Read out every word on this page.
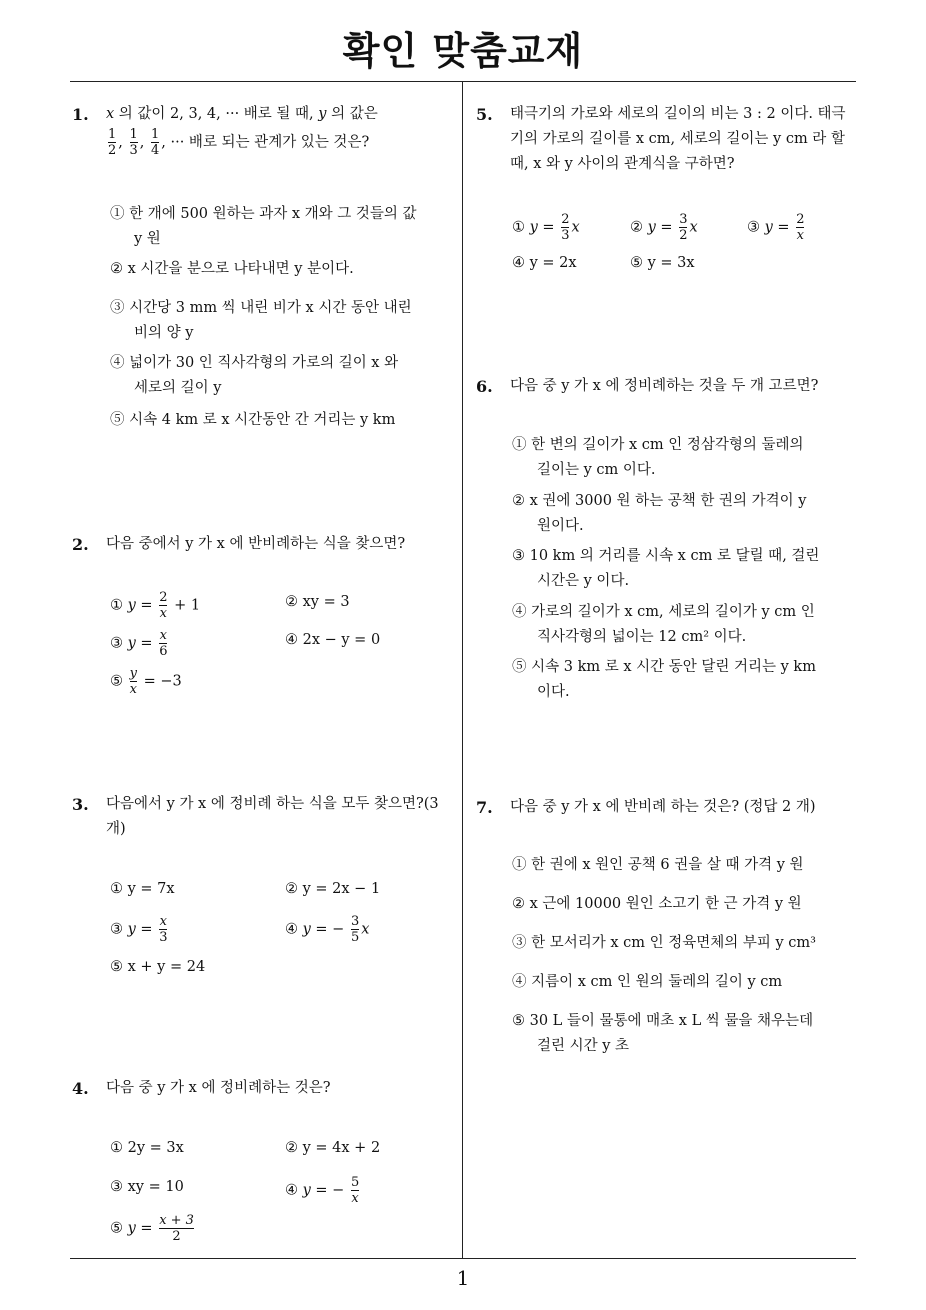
확인 맞춤교재
1
1. x 의 값이 2, 3, 4, ··· 배로 될 때, y 의 값은
$\frac{1}{2}$ , $\frac{1}{3}$ , $\frac{1}{4}$ , ··· 배로 되는 관계가 있는 것은?
① 한 개에 500 원하는 과자 x 개와 그 것들의 값
y 원
② x 시간을 분으로 나타내면 y 분이다.
③ 시간당 3 mm 씩 내린 비가 x 시간 동안 내린
비의 양 y
④ 넓이가 30 인 직사각형의 가로의 길이 x 와
세로의 길이 y
⑤ 시속 4 km 로 x 시간동안 간 거리는 y km
2. 다음 중에서 y 가 x 에 반비례하는 식을 찾으면?
① $y = \frac{2}{x} + 1$	② xy = 3
③ $y = \frac{x}{6}$	④ 2x − y = 0
⑤ $\frac{y}{x} = -3$
3. 다음에서 y 가 x 에 정비례 하는 식을 모두 찾으면?(3 개)
① y = 7x	② y = 2x − 1
③ $y = \frac{x}{3}$	④ y = − $\frac{3}{5}$ x
⑤ x + y = 24
4. 다음 중 y 가 x 에 정비례하는 것은?
① 2y = 3x	② y = 4x + 2
③ xy = 10	④ y = − $\frac{5}{x}$
⑤ $y = \frac{x + 3}{2}$
5. 태극기의 가로와 세로의 길이의 비는 3 : 2 이다. 태극
기의 가로의 길이를 x cm, 세로의 길이는 y cm 라 할
때, x 와 y 사이의 관계식을 구하면?
① $y = \frac{2}{3}$ x	② $y = \frac{3}{2}$ x	③ $y = \frac{2}{x}$
④ y = 2x	⑤ y = 3x
6. 다음 중 y 가 x 에 정비례하는 것을 두 개 고르면?
① 한 변의 길이가 x cm 인 정삼각형의 둘레의
길이는 y cm 이다.
② x 권에 3000 원 하는 공책 한 권의 가격이 y
원이다.
③ 10 km 의 거리를 시속 x cm 로 달릴 때, 걸린
시간은 y 이다.
④ 가로의 길이가 x cm, 세로의 길이가 y cm 인
직사각형의 넓이는 12 cm² 이다.
⑤ 시속 3 km 로 x 시간 동안 달린 거리는 y km
이다.
7. 다음 중 y 가 x 에 반비례 하는 것은? (정답 2 개)
① 한 권에 x 원인 공책 6 권을 살 때 가격 y 원
② x 근에 10000 원인 소고기 한 근 가격 y 원
③ 한 모서리가 x cm 인 정육면체의 부피 y cm³
④ 지름이 x cm 인 원의 둘레의 길이 y cm
⑤ 30 L 들이 물통에 매초 x L 씩 물을 채우는데
걸린 시간 y 초
